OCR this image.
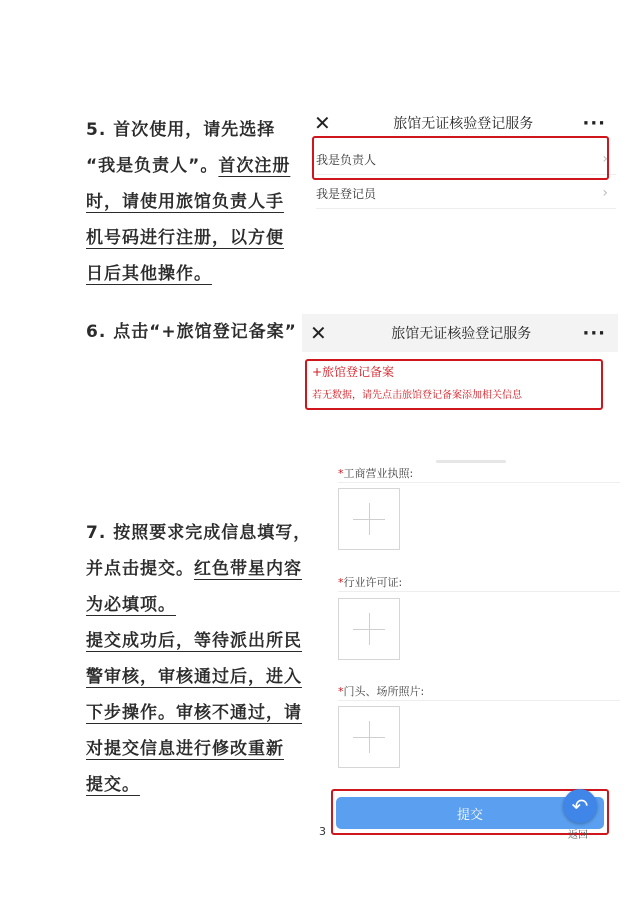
5. 首次使用，请先选择
“我是负责人”。首次注册
时，请使用旅馆负责人手
机号码进行注册，以方便
日后其他操作。
✕	旅馆无证核验登记服务	···
我是负责人	›
我是登记员	›
6. 点击“+旅馆登记备案” ✕	旅馆无证核验登记服务	···
+旅馆登记备案
若无数据，请先点击旅馆登记备案添加相关信息
*工商营业执照:
*行业许可证:
*门头、场所照片:
提交	↶
返回
7. 按照要求完成信息填写，
并点击提交。红色带星内容
为必填项。
提交成功后，等待派出所民
警审核，审核通过后，进入
下步操作。审核不通过，请
对提交信息进行修改重新
提交。
3
